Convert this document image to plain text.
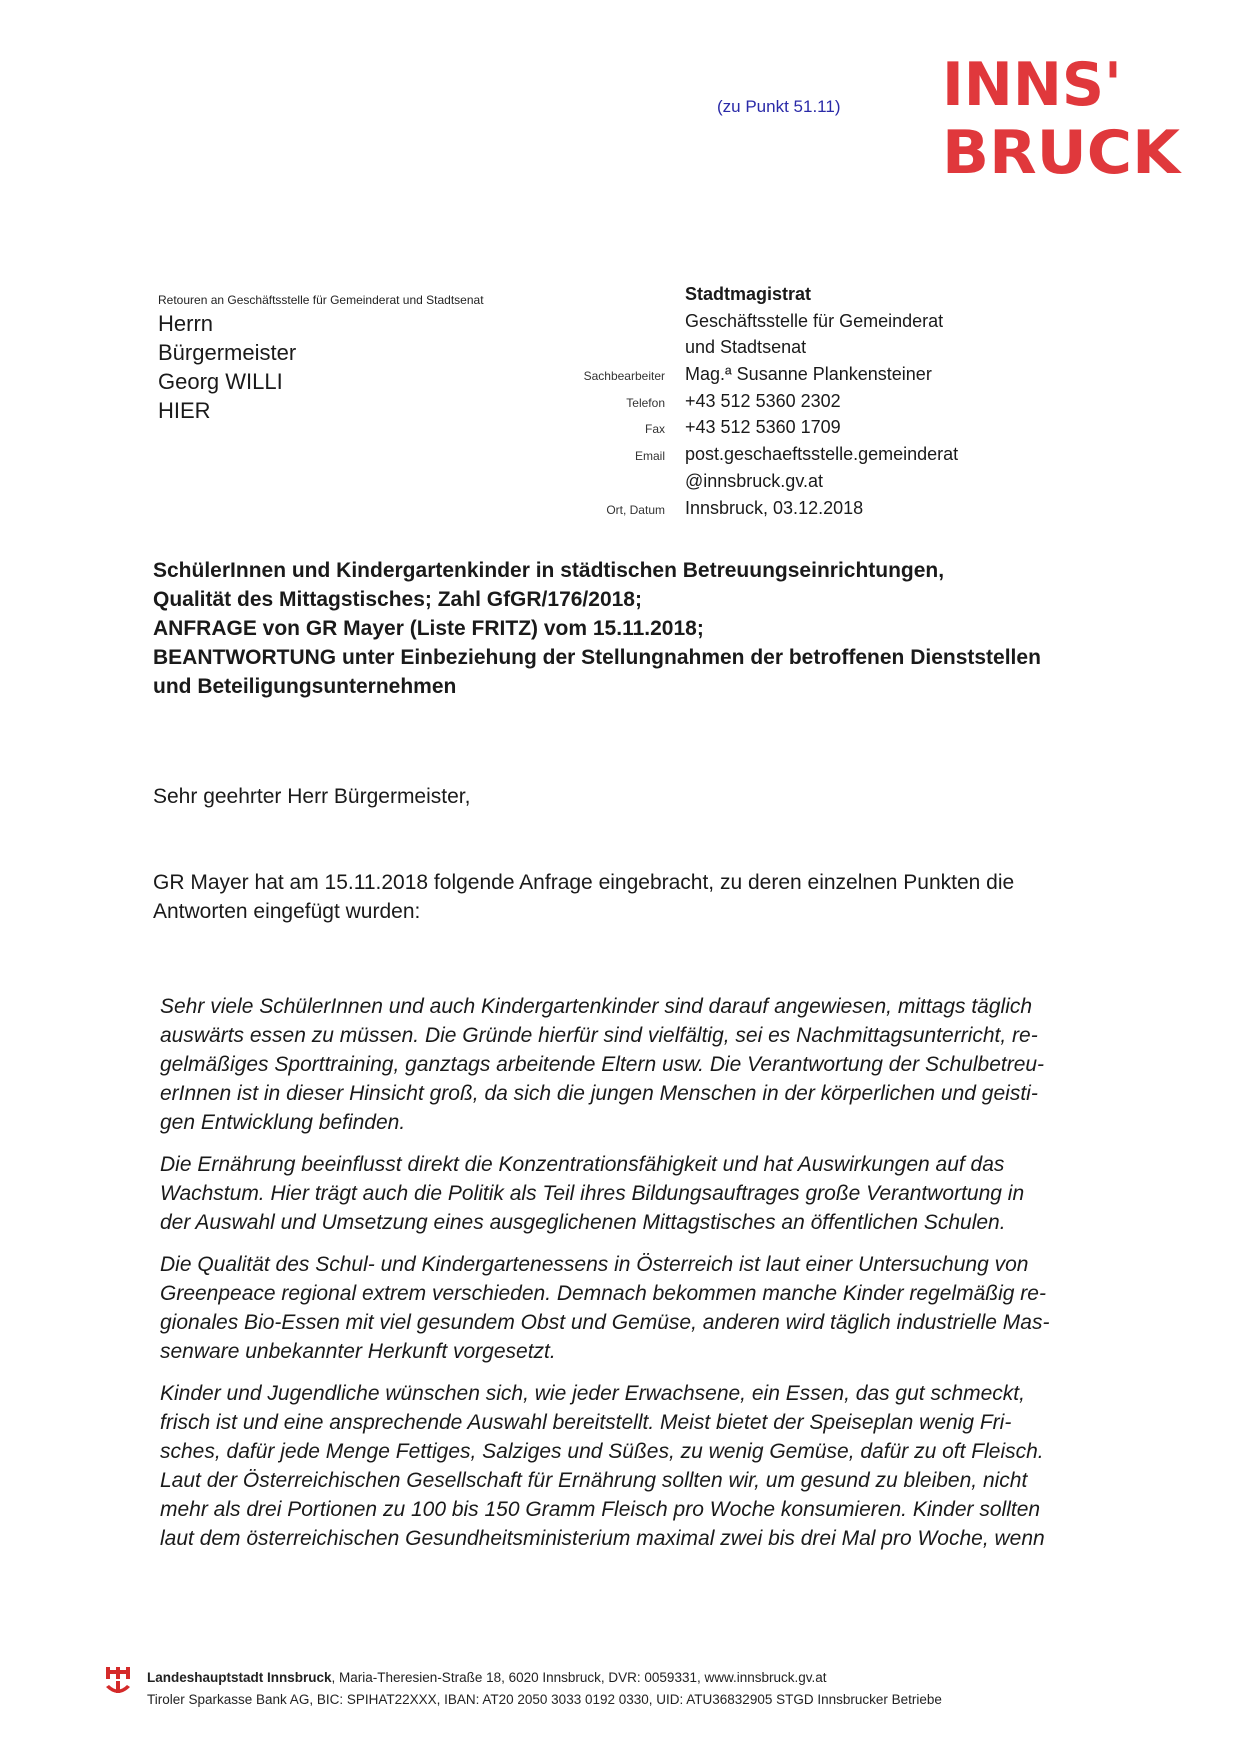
(zu Punkt 51.11) INNS'
BRUCK
Retouren an Geschäftsstelle für Gemeinderat und Stadtsenat
Herrn
Bürgermeister
Georg WILLI
HIER
Stadtmagistrat
Geschäftsstelle für Gemeinderat
und Stadtsenat
Sachbearbeiter	Mag.ª Susanne Plankensteiner
Telefon	+43 512 5360 2302
Fax	+43 512 5360 1709
Email	post.geschaeftsstelle.gemeinderat
@innsbruck.gv.at
Ort, Datum	Innsbruck, 03.12.2018
SchülerInnen und Kindergartenkinder in städtischen Betreuungseinrichtungen,
Qualität des Mittagstisches; Zahl GfGR/176/2018;
ANFRAGE von GR Mayer (Liste FRITZ) vom 15.11.2018;
BEANTWORTUNG unter Einbeziehung der Stellungnahmen der betroffenen Dienststellen
und Beteiligungsunternehmen
Sehr geehrter Herr Bürgermeister,
GR Mayer hat am 15.11.2018 folgende Anfrage eingebracht, zu deren einzelnen Punkten die
Antworten eingefügt wurden:

Sehr viele SchülerInnen und auch Kindergartenkinder sind darauf angewiesen, mittags täglich
auswärts essen zu müssen. Die Gründe hierfür sind vielfältig, sei es Nachmittagsunterricht, re-
gelmäßiges Sporttraining, ganztags arbeitende Eltern usw. Die Verantwortung der Schulbetreu-
erInnen ist in dieser Hinsicht groß, da sich die jungen Menschen in der körperlichen und geisti-
gen Entwicklung befinden.

Die Ernährung beeinflusst direkt die Konzentrationsfähigkeit und hat Auswirkungen auf das
Wachstum. Hier trägt auch die Politik als Teil ihres Bildungsauftrages große Verantwortung in
der Auswahl und Umsetzung eines ausgeglichenen Mittagstisches an öffentlichen Schulen.

Die Qualität des Schul- und Kindergartenessens in Österreich ist laut einer Untersuchung von
Greenpeace regional extrem verschieden. Demnach bekommen manche Kinder regelmäßig re-
gionales Bio-Essen mit viel gesundem Obst und Gemüse, anderen wird täglich industrielle Mas-
senware unbekannter Herkunft vorgesetzt.

Kinder und Jugendliche wünschen sich, wie jeder Erwachsene, ein Essen, das gut schmeckt,
frisch ist und eine ansprechende Auswahl bereitstellt. Meist bietet der Speiseplan wenig Fri-
sches, dafür jede Menge Fettiges, Salziges und Süßes, zu wenig Gemüse, dafür zu oft Fleisch.
Laut der Österreichischen Gesellschaft für Ernährung sollten wir, um gesund zu bleiben, nicht
mehr als drei Portionen zu 100 bis 150 Gramm Fleisch pro Woche konsumieren. Kinder sollten
laut dem österreichischen Gesundheitsministerium maximal zwei bis drei Mal pro Woche, wenn

Landeshauptstadt Innsbruck, Maria-Theresien-Straße 18, 6020 Innsbruck, DVR: 0059331, www.innsbruck.gv.at
Tiroler Sparkasse Bank AG, BIC: SPIHAT22XXX, IBAN: AT20 2050 3033 0192 0330, UID: ATU36832905 STGD Innsbrucker Betriebe
